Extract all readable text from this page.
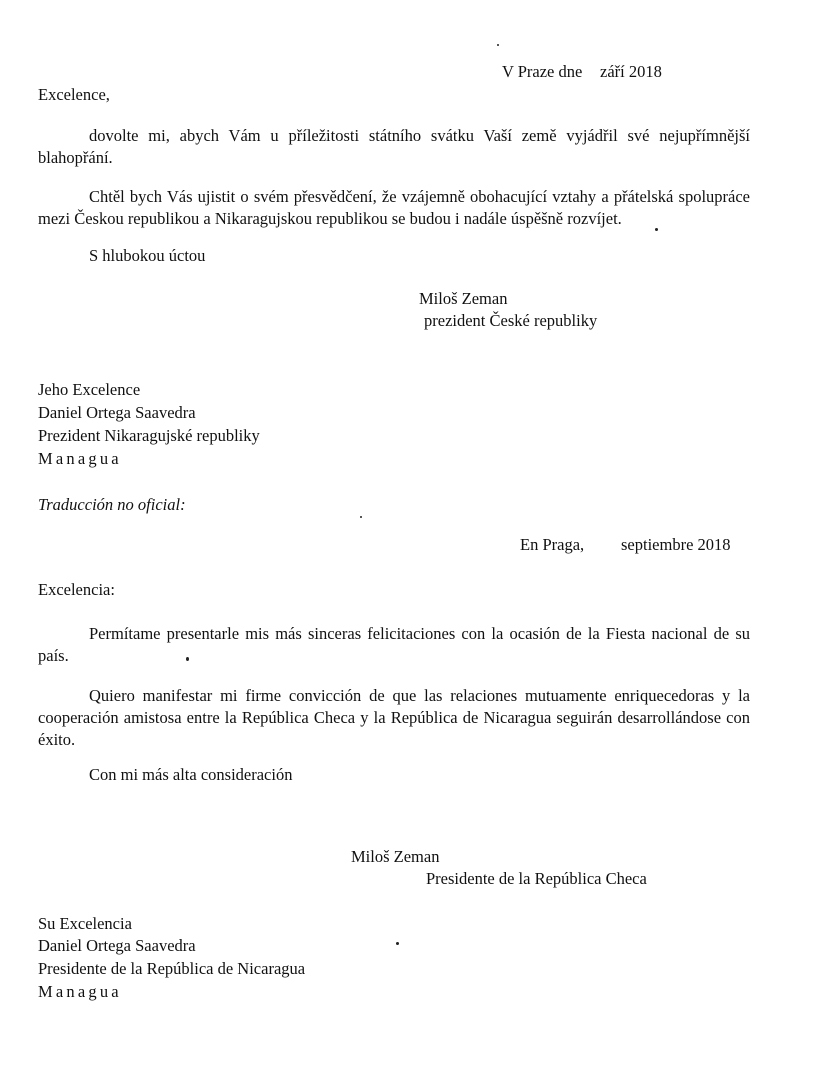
V Praze dne září 2018
Excelence,
dovolte mi, abych Vám u příležitosti státního svátku Vaší země vyjádřil své nejupřímnější blahopřání.
Chtěl bych Vás ujistit o svém přesvědčení, že vzájemně obohacující vztahy a přátelská spolupráce mezi Českou republikou a Nikaragujskou republikou se budou i nadále úspěšně rozvíjet.
S hlubokou úctou
Miloš Zeman
prezident České republiky
Jeho Excelence
Daniel Ortega Saavedra
Prezident Nikaragujské republiky
Managua
Traducción no oficial:
En Praga, septiembre 2018
Excelencia:
Permítame presentarle mis más sinceras felicitaciones con la ocasión de la Fiesta nacional de su país.
Quiero manifestar mi firme convicción de que las relaciones mutuamente enriquecedoras y la cooperación amistosa entre la República Checa y la República de Nicaragua seguirán desarrollándose con éxito.
Con mi más alta consideración
Miloš Zeman
Presidente de la República Checa
Su Excelencia
Daniel Ortega Saavedra
Presidente de la República de Nicaragua
Managua
